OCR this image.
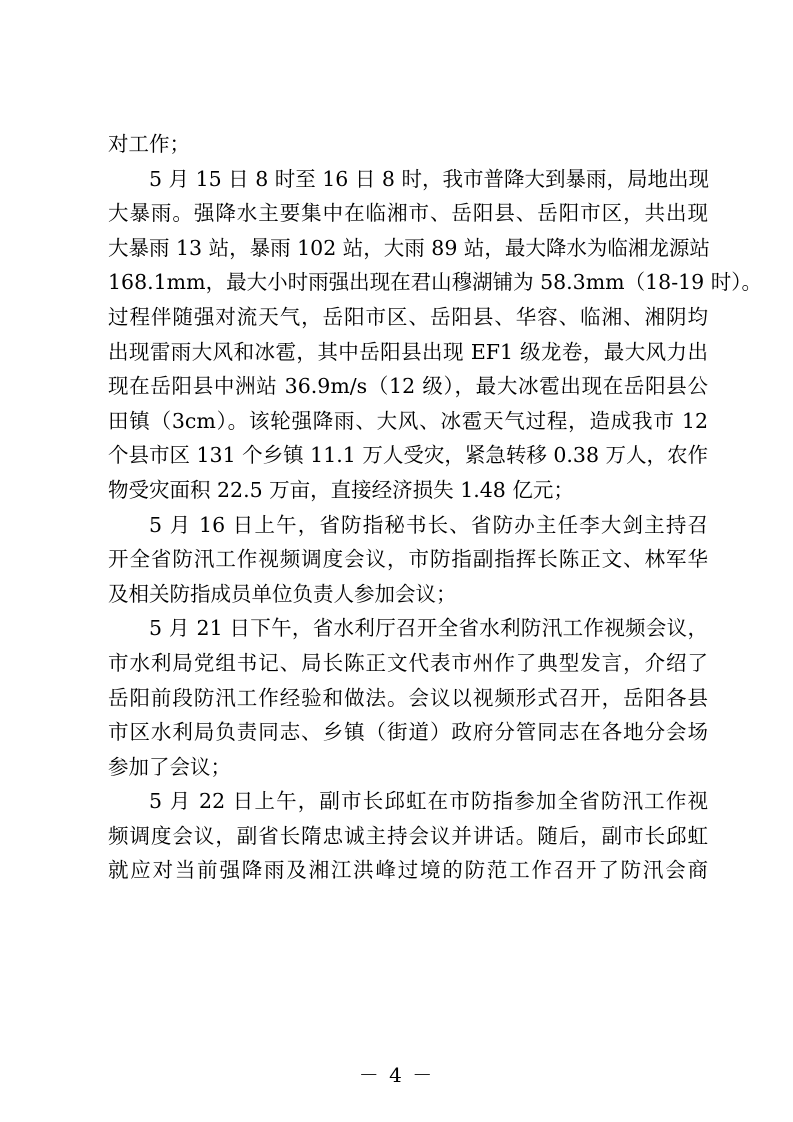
对工作；
5 月 15 日 8 时至 16 日 8 时，我市普降大到暴雨，局地出现
大暴雨。强降水主要集中在临湘市、岳阳县、岳阳市区，共出现
大暴雨 13 站，暴雨 102 站，大雨 89 站，最大降水为临湘龙源站
168.1mm，最大小时雨强出现在君山穆湖铺为 58.3mm（18-19 时）。
过程伴随强对流天气，岳阳市区、岳阳县、华容、临湘、湘阴均
出现雷雨大风和冰雹，其中岳阳县出现 EF1 级龙卷，最大风力出
现在岳阳县中洲站 36.9m/s（12 级），最大冰雹出现在岳阳县公
田镇（3cm）。该轮强降雨、大风、冰雹天气过程，造成我市 12
个县市区 131 个乡镇 11.1 万人受灾，紧急转移 0.38 万人，农作
物受灾面积 22.5 万亩，直接经济损失 1.48 亿元；
5 月 16 日上午，省防指秘书长、省防办主任李大剑主持召
开全省防汛工作视频调度会议，市防指副指挥长陈正文、林军华
及相关防指成员单位负责人参加会议；
5 月 21 日下午，省水利厅召开全省水利防汛工作视频会议，
市水利局党组书记、局长陈正文代表市州作了典型发言，介绍了
岳阳前段防汛工作经验和做法。会议以视频形式召开，岳阳各县
市区水利局负责同志、乡镇（街道）政府分管同志在各地分会场
参加了会议；
5 月 22 日上午，副市长邱虹在市防指参加全省防汛工作视
频调度会议，副省长隋忠诚主持会议并讲话。随后，副市长邱虹
就应对当前强降雨及湘江洪峰过境的防范工作召开了防汛会商
－ 4 －
